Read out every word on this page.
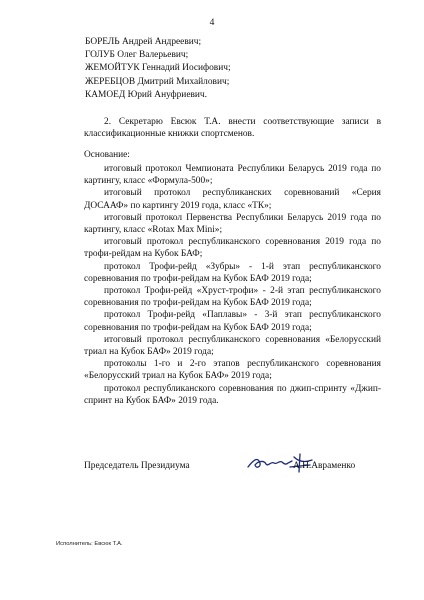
4
БОРЕЛЬ Андрей Андреевич;
ГОЛУБ Олег Валерьевич;
ЖЕМОЙТУК Геннадий Иосифович;
ЖЕРЕБЦОВ Дмитрий Михайлович;
КАМОЕД Юрий Ануфриевич.
2. Секретарю Евсюк Т.А. внести соответствующие записи в классификационные книжки спортсменов.
Основание:
итоговый протокол Чемпионата Республики Беларусь 2019 года по картингу, класс «Формула-500»;
итоговый протокол республиканских соревнований «Серия ДОСААФ» по картингу 2019 года, класс «ТК»;
итоговый протокол Первенства Республики Беларусь 2019 года по картингу, класс «Rotax Max Mini»;
итоговый протокол республиканского соревнования 2019 года по трофи-рейдам на Кубок БАФ;
протокол Трофи-рейд «Зубры» - 1-й этап республиканского соревнования по трофи-рейдам на Кубок БАФ 2019 года;
протокол Трофи-рейд «Хруст-трофи» - 2-й этап республиканского соревнования по трофи-рейдам на Кубок БАФ 2019 года;
протокол Трофи-рейд «Паплавы» - 3-й этап республиканского соревнования по трофи-рейдам на Кубок БАФ 2019 года;
итоговый протокол республиканского соревнования «Белорусский триал на Кубок БАФ» 2019 года;
протоколы 1-го и 2-го этапов республиканского соревнования «Белорусский триал на Кубок БАФ» 2019 года;
протокол республиканского соревнования по джип-спринту «Джип-спринт на Кубок БАФ» 2019 года.
Председатель Президиума	А.Н.Авраменко
Исполнитель: Евсюк Т.А.
